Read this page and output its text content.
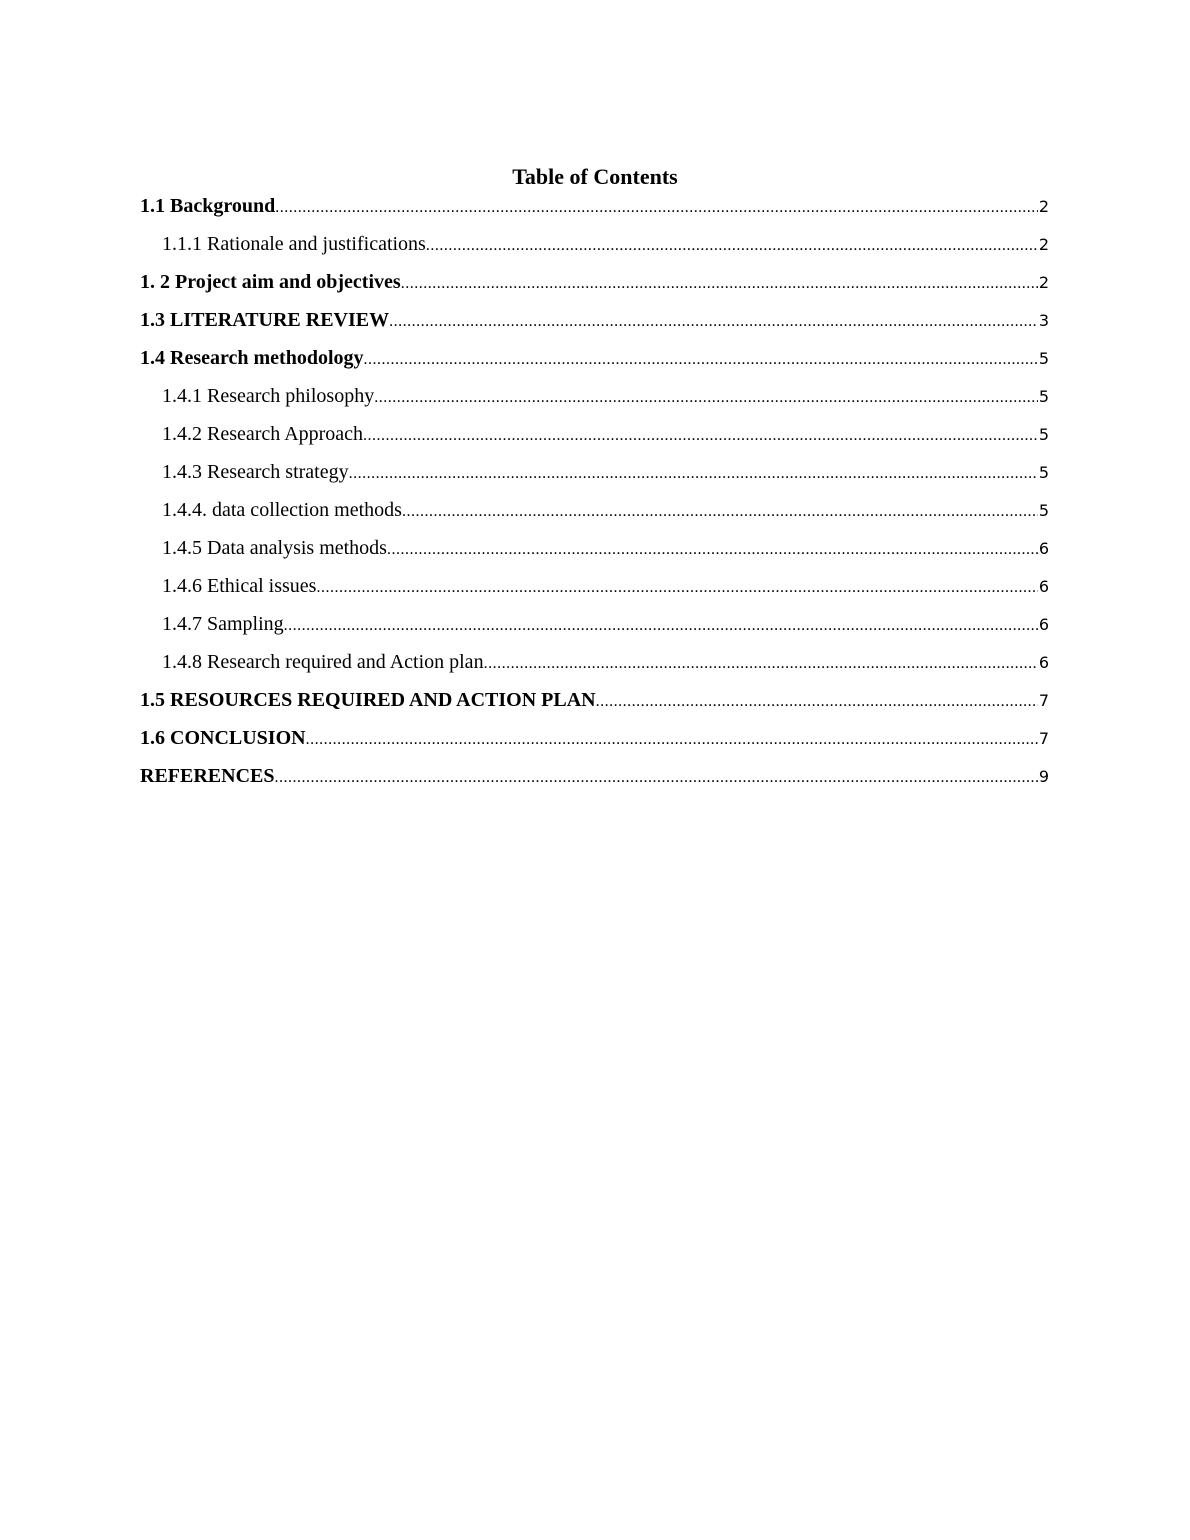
Table of Contents
1.1 Background .....	2
1.1.1 Rationale and justifications .....	2
1. 2 Project aim and objectives .....	2
1.3 LITERATURE REVIEW .....	3
1.4 Research methodology .....	5
1.4.1 Research philosophy .....	5
1.4.2 Research Approach .....	5
1.4.3 Research strategy .....	5
1.4.4. data collection methods .....	5
1.4.5 Data analysis methods .....	6
1.4.6 Ethical issues .....	6
1.4.7 Sampling .....	6
1.4.8 Research required and Action plan .....	6
1.5 RESOURCES REQUIRED AND ACTION PLAN .....	7
1.6 CONCLUSION .....	7
REFERENCES .....	9
